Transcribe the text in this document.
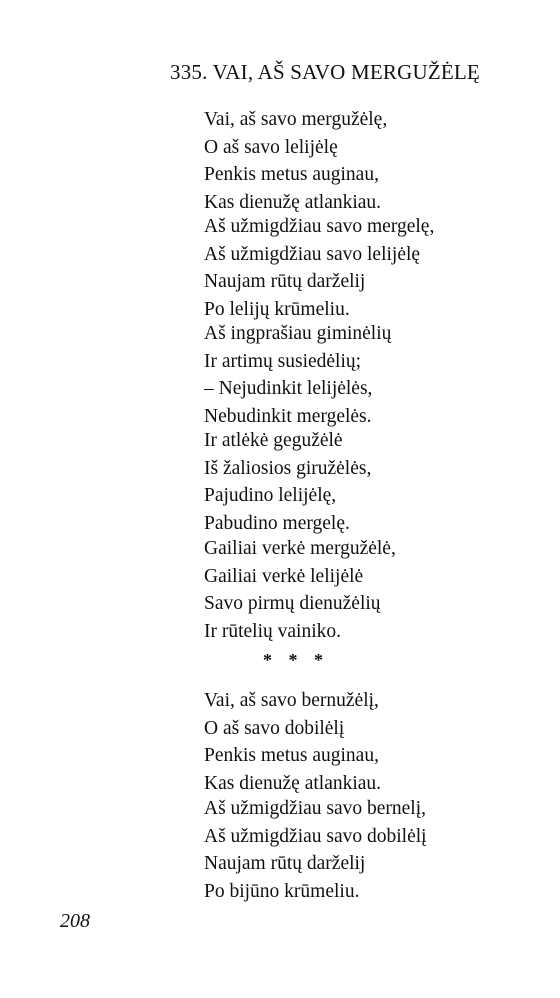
335. VAI, AŠ SAVO MERGUŽĖLĘ
Vai, aš savo mergužėlę,
O aš savo lelijėlę
Penkis metus auginau,
Kas dienužę atlankiau.
Aš užmigdžiau savo mergelę,
Aš užmigdžiau savo lelijėlę
Naujam rūtų darželij
Po lelijų krūmeliu.
Aš ingprašiau giminėlių
Ir artimų susiedėlių;
– Nejudinkit lelijėlės,
Nebudinkit mergelės.
Ir atlėkė gegužėlė
Iš žaliosios giružėlės,
Pajudino lelijėlę,
Pabudino mergelę.
Gailiai verkė mergužėlė,
Gailiai verkė lelijėlė
Savo pirmų dienužėlių
Ir rūtelių vainiko.
* * *
Vai, aš savo bernužėlį,
O aš savo dobilėlį
Penkis metus auginau,
Kas dienužę atlankiau.
Aš užmigdžiau savo bernelį,
Aš užmigdžiau savo dobilėlį
Naujam rūtų darželij
Po bijūno krūmeliu.
208
